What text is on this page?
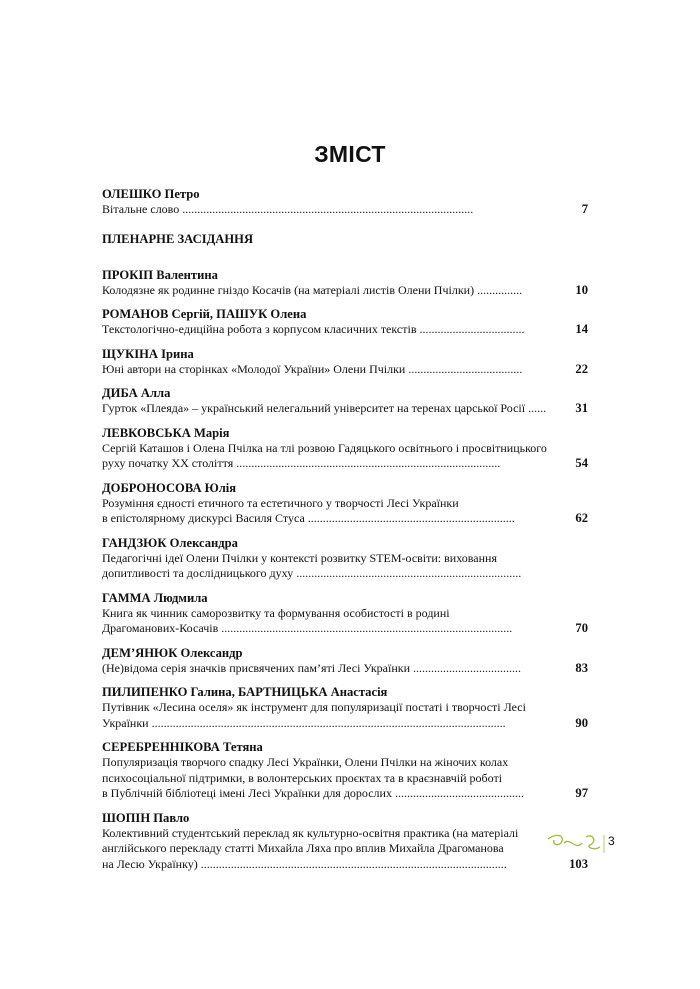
ЗМІСТ
ОЛЕШКО Петро
Вітальне слово .................................................................................................	7
ПЛЕНАРНЕ ЗАСІДАННЯ
ПРОКІП Валентина
Колодязне як родинне гніздо Косачів (на матеріалі листів Олени Пчілки) ...............	10
РОМАНОВ Сергій, ПАШУК Олена
Текстологічно-едиційна робота з корпусом класичних текстів ...................................	14
ЩУКІНА Ірина
Юні автори на сторінках «Молодої України» Олени Пчілки ......................................	22
ДИБА Алла
Гурток «Плеяда» – український нелегальний університет на теренах царської Росії ...... 31
ЛЕВКОВСЬКА Марія
Сергій Каташов і Олена Пчілка на тлі розвою Гадяцького освітнього і просвітницького
руху початку ХХ століття ........................................................................................	54
ДОБРОНОСОВА Юлія
Розуміння єдності етичного та естетичного у творчості Лесі Українки
в епістолярному дискурсі Василя Стуса .....................................................................	62
ГАНДЗЮК Олександра
Педагогічні ідеї Олени Пчілки у контексті розвитку STEM-освіти: виховання
допитливості та дослідницького духу ...........................................................................
ГАММА Людмила
Книга як чинник саморозвитку та формування особистості в родині
Драгоманових-Косачів .................................................................................................	70
ДЕМ’ЯНЮК Олександр
(Не)відома серія значків присвячених пам’яті Лесі Українки ....................................	83
ПИЛИПЕНКО Галина, БАРТНИЦЬКА Анастасія
Путівник «Лесина оселя» як інструмент для популяризації постаті і творчості Лесі
Українки ......................................................................................................................	90
СЕРЕБРЕННІКОВА Тетяна
Популяризація творчого спадку Лесі Українки, Олени Пчілки на жіночих колах
психосоціальної підтримки, в волонтерських проєктах та в краєзнавчій роботі
в Публічній бібліотеці імені Лесі Українки для дорослих ...........................................	97
ШОПІН Павло
Колективний студентський переклад як культурно-освітня практика (на матеріалі
англійського перекладу статті Михайла Ляха про вплив Михайла Драгоманова
на Лесю Українку) ......................................................................................................	103
3
